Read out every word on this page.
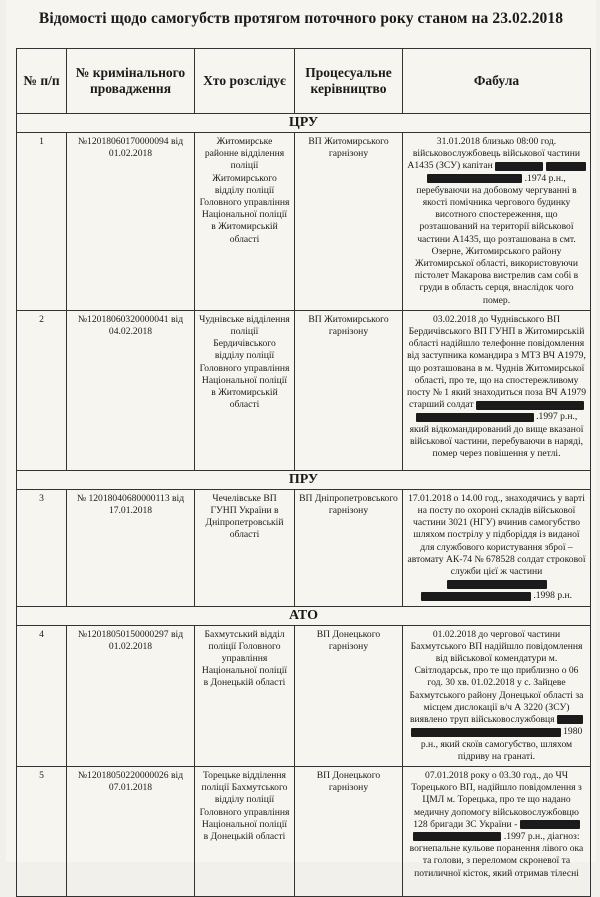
Відомості щодо самогубств протягом поточного року станом на 23.02.2018
№ п/п	№ кримінального провадження	Хто розслідує	Процесуальне керівництво	Фабула
ЦРУ				
1	№12018060170000094 від 01.02.2018	Житомирське районне відділення поліції Житомирського відділу поліції Головного управління Національної поліції в Житомирській області	ВП Житомирського гарнізону	31.01.2018 близько 08:00 год. військовослужбовець військової частини А1435 (ЗСУ) капітан    .1974 р.н., перебуваючи на добовому чергуванні в якості помічника чергового будинку висотного спостереження, що розташований на території військової частини А1435, що розташована в смт. Озерне, Житомирського району Житомирської області, використовуючи пістолет Макарова вистрелив сам собі в груди в область серця, внаслідок чого помер.
2	№12018060320000041 від 04.02.2018	Чуднівське відділення поліції Бердичівського відділу поліції Головного управління Національної поліції в Житомирській області	ВП Житомирського гарнізону	03.02.2018 до Чуднівського ВП Бердичівського ВП ГУНП в Житомирській області надійшло телефонне повідомлення від заступника командира з МТЗ ВЧ А1979, що розташована в м. Чуднів Житомирської області, про те, що на спостережливому посту № 1 який знаходиться поза ВЧ А1979 старший солдат   .1997 р.н., який відкомандирований до вище вказаної військової частини, перебуваючи в наряді, помер через повішення у петлі.
ПРУ				
3	№ 12018040680000113 від 17.01.2018	Чечелівське ВП ГУНП України в Дніпропетровській області	ВП Дніпропетровського гарнізону	17.01.2018 о 14.00 год., знаходячись у варті на посту по охороні складів військової частини 3021 (НГУ) вчинив самогубство шляхом пострілу у підборіддя із виданої для службового користування зброї – автомату АК-74 № 678528 солдат строкової служби цієї ж частини   .1998 р.н.
АТО				
4	№12018050150000297 від 01.02.2018	Бахмутський відділ поліції Головного управління Національної поліції в Донецькій області	ВП Донецького гарнізону	01.02.2018 до чергової частини Бахмутського ВП надійшло повідомлення від військової комендатури м. Світлодарськ, про те що приблизно о 06 год. 30 хв. 01.02.2018 у с. Зайцеве Бахмутського району Донецької області за місцем дислокації в/ч А 3220 (ЗСУ) виявлено труп військовослужбовця   1980 р.н., який скоїв самогубство, шляхом підриву на гранаті.
5	№12018050220000026 від 07.01.2018	Торецьке відділення поліції Бахмутського відділу поліції Головного управління Національної поліції в Донецькій області	ВП Донецького гарнізону	07.01.2018 року о 03.30 год., до ЧЧ Торецького ВП, надійшло повідомлення з ЦМЛ м. Торецька, про те що надано медичну допомогу військовослужбовцю 128 бригади ЗС України -   .1997 р.н., діагноз: вогнепальне кульове поранення лівого ока та голови, з переломом скроневої та потиличної кісток, який отримав тілесні
